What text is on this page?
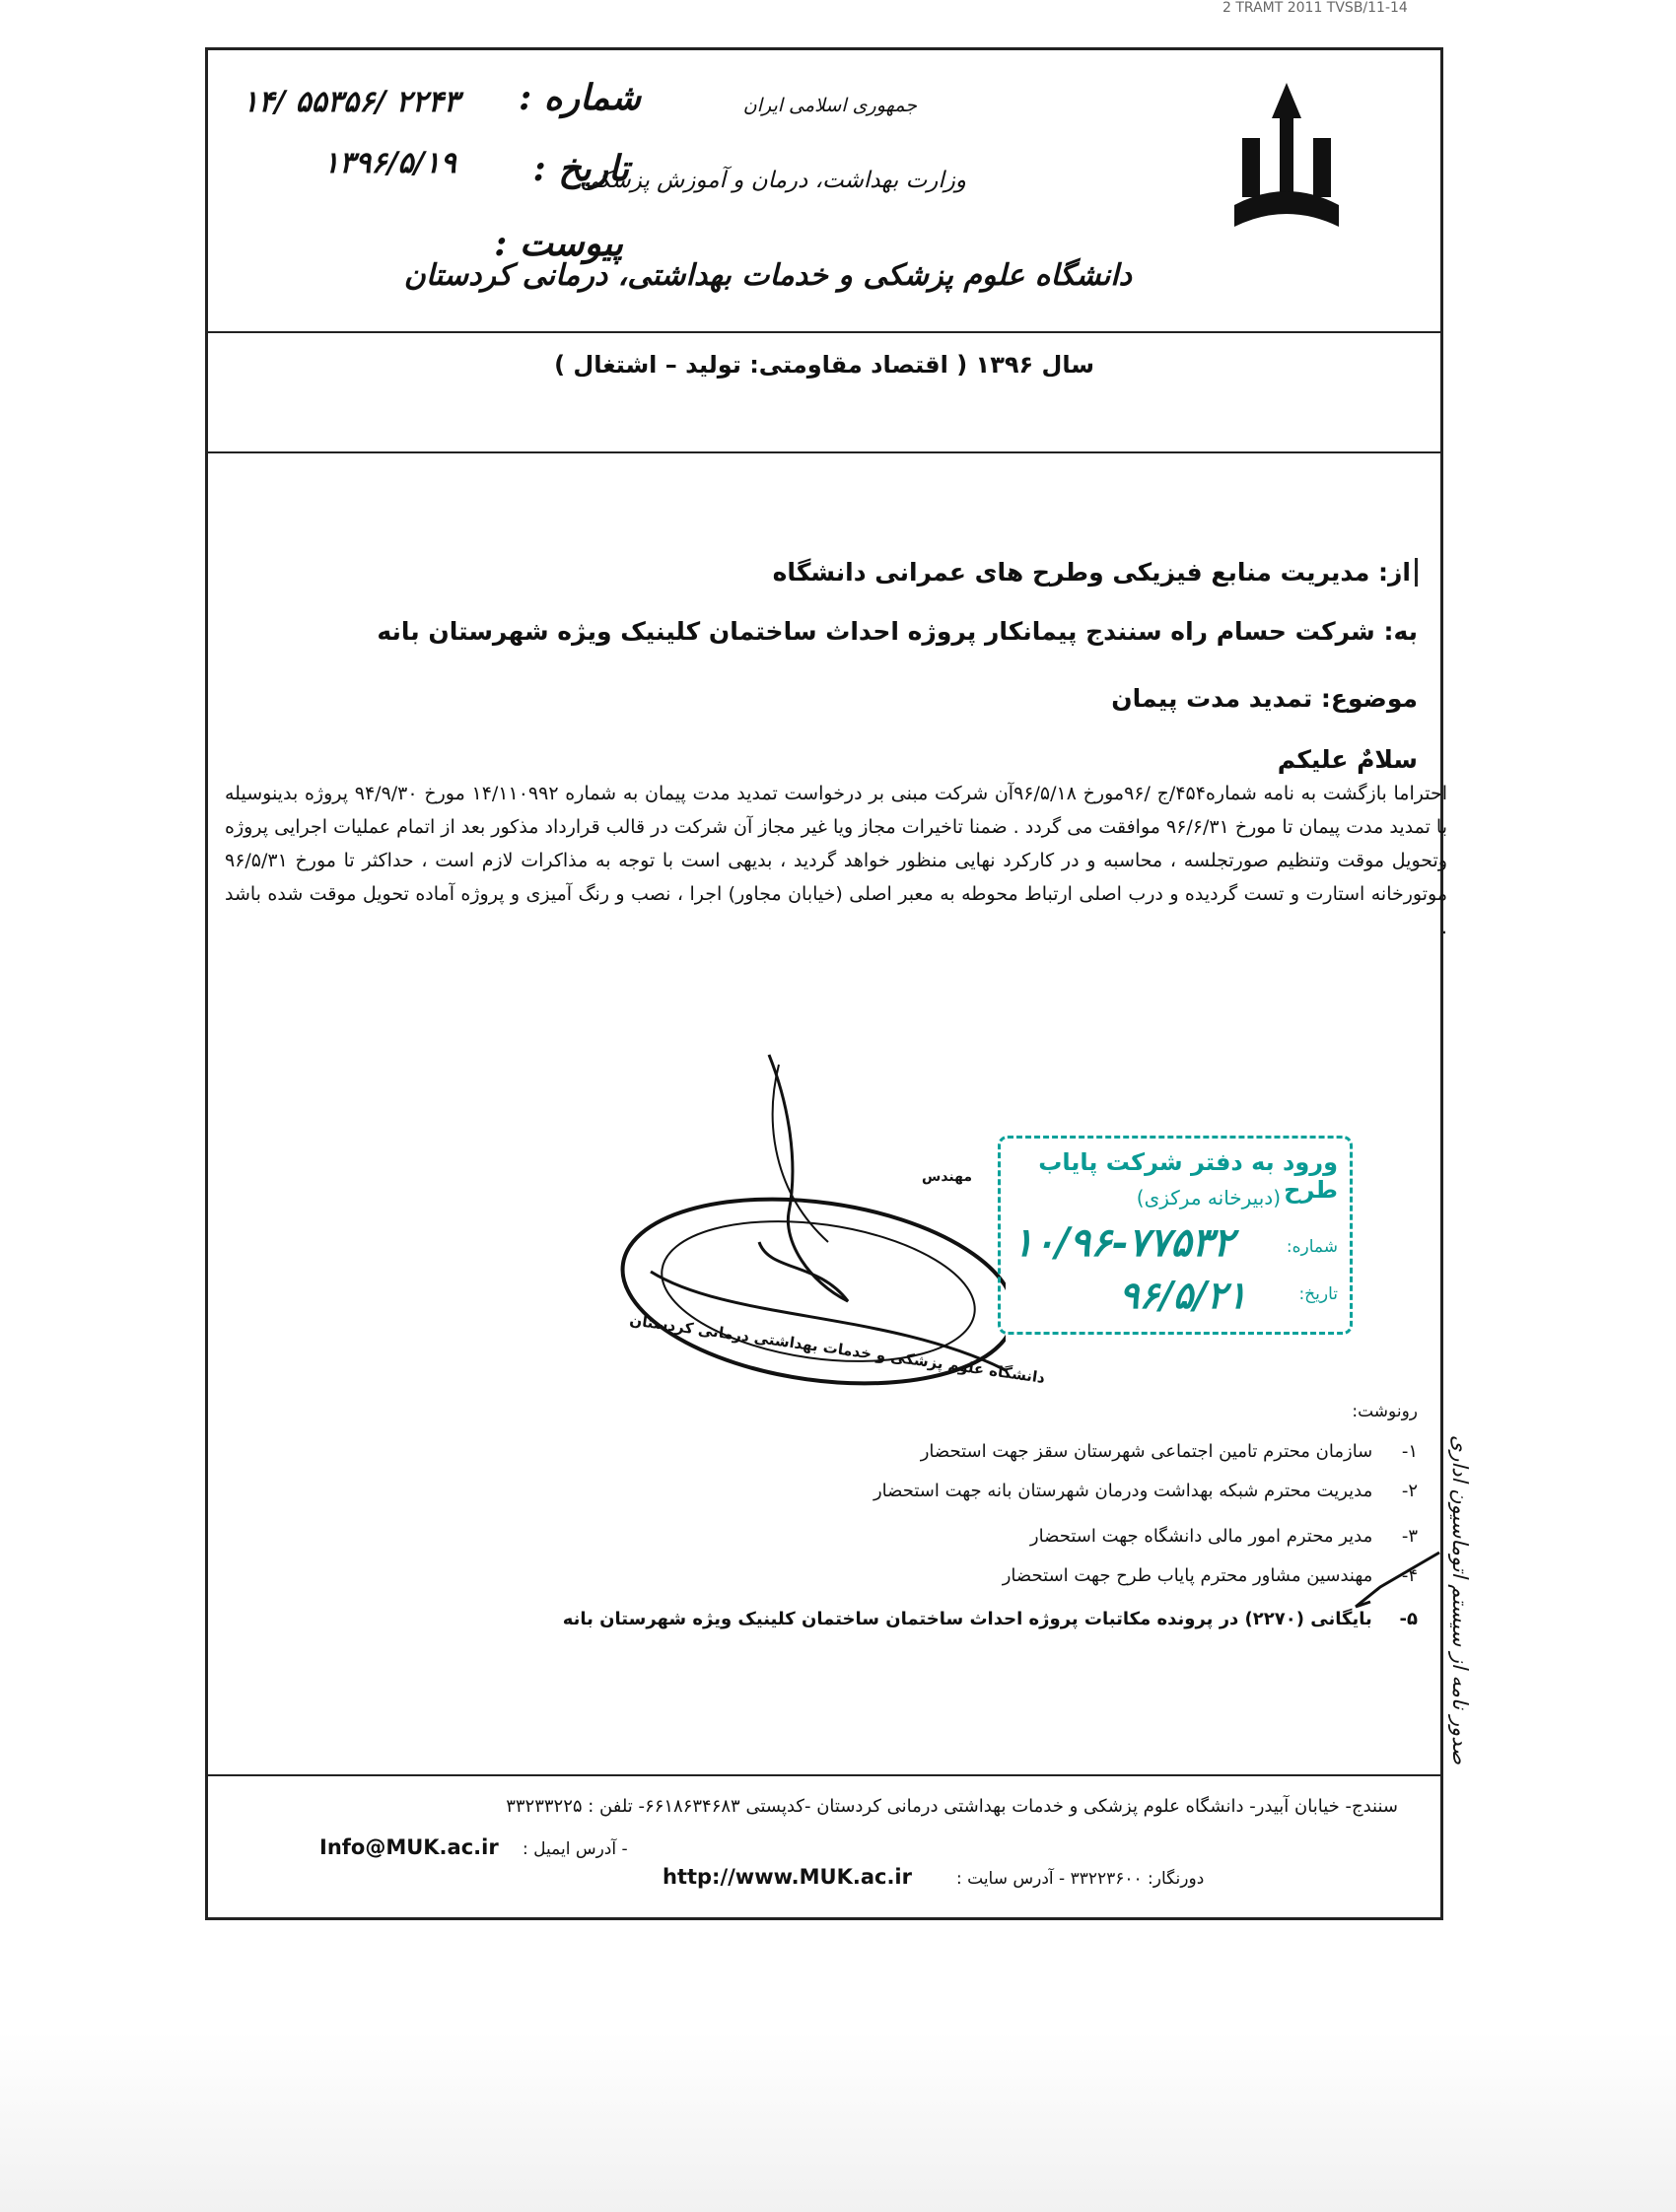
2 TRAMT 2011 TVSB/11-14
جمهوری اسلامی ایران
وزارت بهداشت، درمان و آموزش پزشکی
دانشگاه علوم پزشکی و خدمات بهداشتی، درمانی کردستان
شماره :
۱۴/ ۵۵۳۵۶/ ۲۲۴۳
تاریخ :
۱۳۹۶/۵/۱۹
پیوست :
سال ۱۳۹۶ ( اقتصاد مقاومتی: تولید – اشتغال )
از: مدیریت منابع فیزیکی وطرح های عمرانی دانشگاه
به: شرکت حسام راه سنندج پیمانکار پروژه احداث ساختمان کلینیک ویژه شهرستان بانه
موضوع: تمدید مدت پیمان
سلامٌ علیکم
احتراما بازگشت به نامه شماره۴۵۴/ج /۹۶مورخ ۹۶/۵/۱۸آن شرکت مبنی بر درخواست تمدید مدت پیمان به شماره ۱۴/۱۱۰۹۹۲ مورخ ۹۴/۹/۳۰ پروژه بدینوسیله با تمدید مدت پیمان تا مورخ ۹۶/۶/۳۱ موافقت می گردد . ضمنا تاخیرات مجاز ویا غیر مجاز آن شرکت در قالب قرارداد مذکور بعد از اتمام عملیات اجرایی پروژه وتحویل موقت وتنظیم صورتجلسه ، محاسبه و در کارکرد نهایی منظور خواهد گردید ، بدیهی است با توجه به مذاکرات لازم است ، حداکثر تا مورخ ۹۶/۵/۳۱ موتورخانه استارت و تست گردیده و درب اصلی ارتباط محوطه به معبر اصلی (خیابان مجاور) اجرا ، نصب و رنگ آمیزی و پروژه آماده تحویل موقت شده باشد .
مهندس
دانشگاه علوم پزشکی و خدمات بهداشتی درمانی کردستان
ورود به دفتر شرکت پایاب طرح
(دبیرخانه مرکزی)
شماره:
۱۰/۹۶-۷۷۵۳۲
تاریخ:
۹۶/۵/۲۱
رونوشت:
۱- سازمان محترم تامین اجتماعی شهرستان سقز جهت استحضار
۲- مدیریت محترم شبکه بهداشت ودرمان شهرستان بانه جهت استحضار
۳- مدیر محترم امور مالی دانشگاه جهت استحضار
۴- مهندسین مشاور محترم پایاب طرح جهت استحضار
۵- بایگانی (۲۲۷۰) در پرونده مکاتبات پروژه احداث ساختمان ساختمان کلینیک ویژه شهرستان بانه	صدور نامه از سیستم اتوماسیون اداری
سنندج- خیابان آبیدر- دانشگاه علوم پزشکی و خدمات بهداشتی درمانی کردستان -کدپستی ۶۶۱۸۶۳۴۶۸۳- تلفن : ۳۳۲۳۳۲۲۵
Info@MUK.ac.ir - آدرس ایمیل :
http://www.MUK.ac.ir	دورنگار: ۳۳۲۲۳۶۰۰ - آدرس سایت :
